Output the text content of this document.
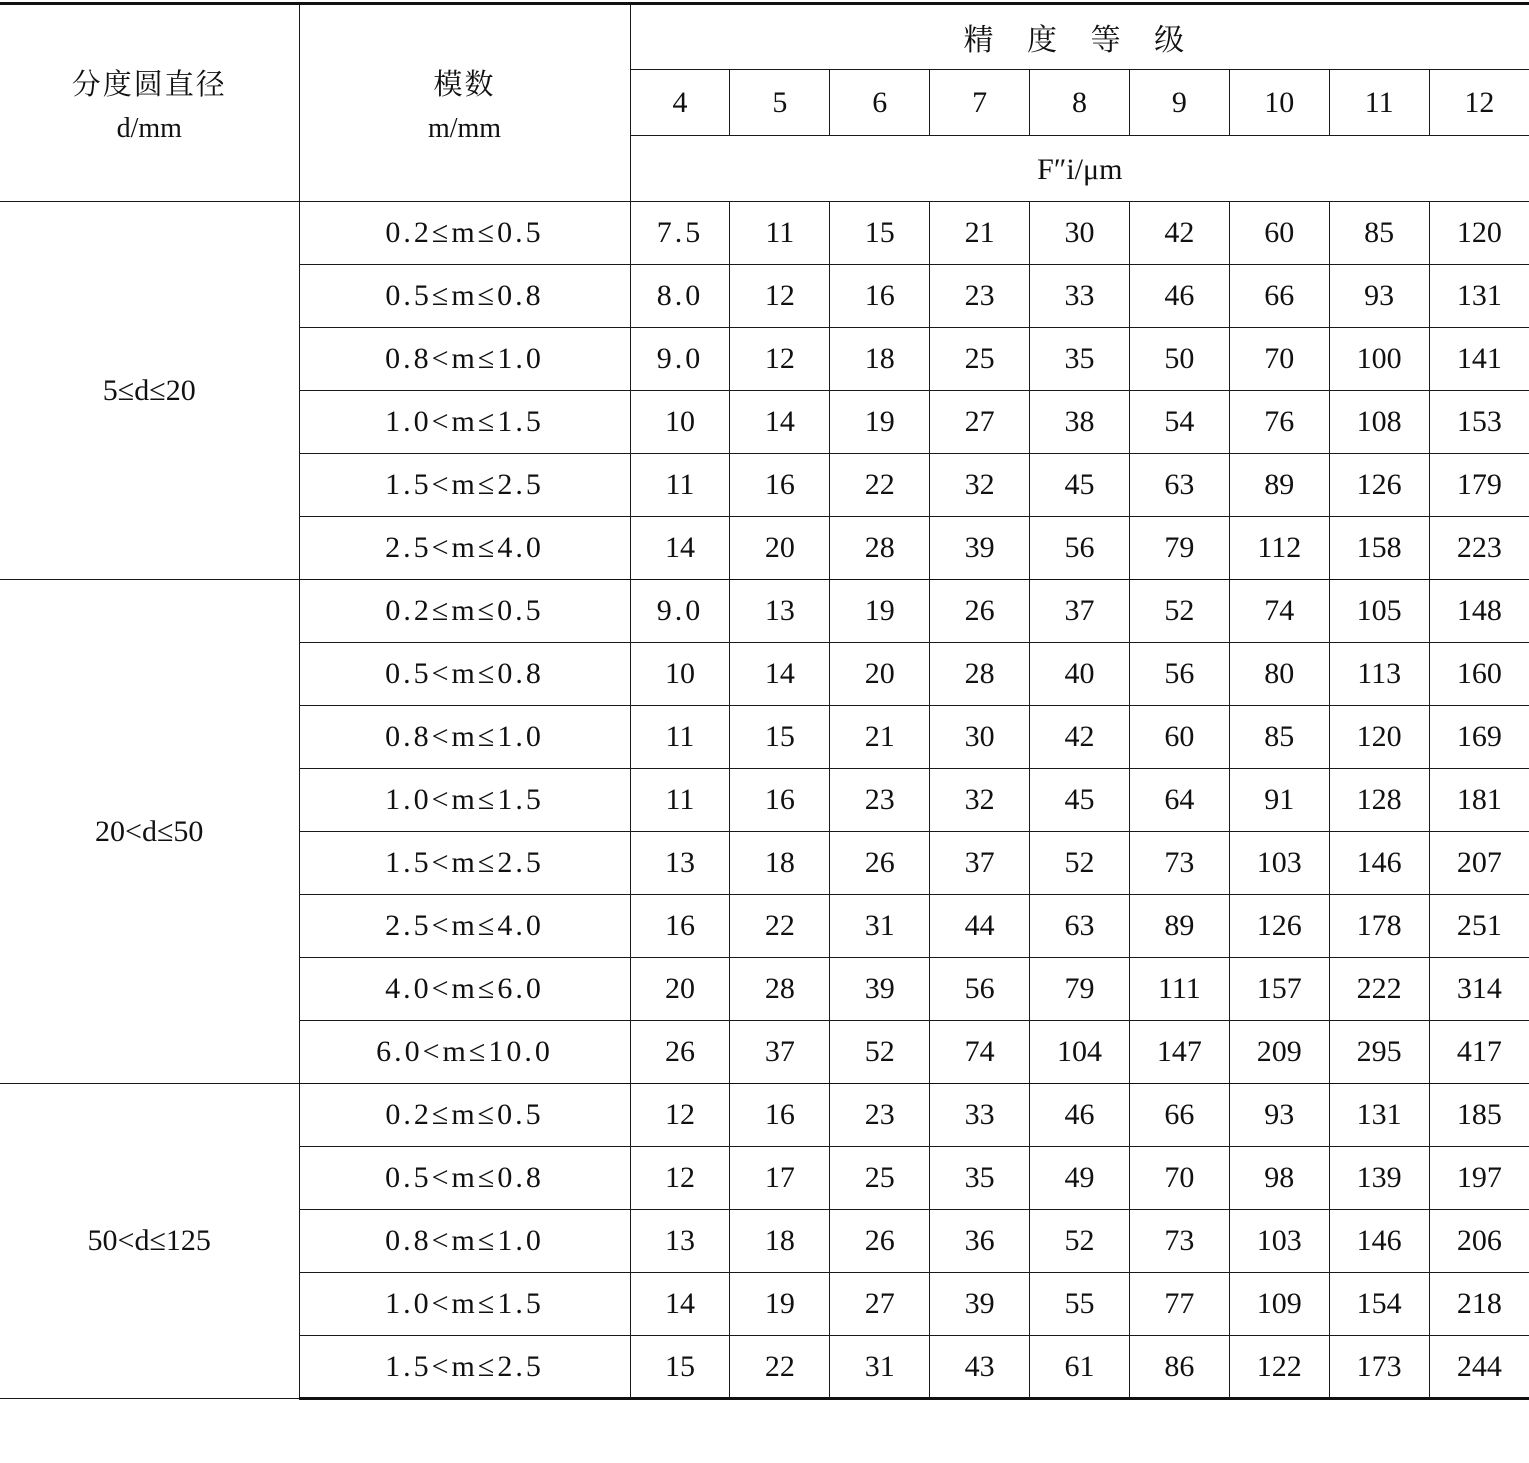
分度圆直径
d/mm	模数
m/mm	精 度 等 级								
		4	5	6	7	8	9	10	11	12
		F″i/μm								
5≤d≤20	0.2≤m≤0.5	7.5	11	15	21	30	42	60	85	120
	0.5≤m≤0.8	8.0	12	16	23	33	46	66	93	131
	0.8<m≤1.0	9.0	12	18	25	35	50	70	100	141
	1.0<m≤1.5	10	14	19	27	38	54	76	108	153
	1.5<m≤2.5	11	16	22	32	45	63	89	126	179
	2.5<m≤4.0	14	20	28	39	56	79	112	158	223
20<d≤50	0.2≤m≤0.5	9.0	13	19	26	37	52	74	105	148
	0.5<m≤0.8	10	14	20	28	40	56	80	113	160
	0.8<m≤1.0	11	15	21	30	42	60	85	120	169
	1.0<m≤1.5	11	16	23	32	45	64	91	128	181
	1.5<m≤2.5	13	18	26	37	52	73	103	146	207
	2.5<m≤4.0	16	22	31	44	63	89	126	178	251
	4.0<m≤6.0	20	28	39	56	79	111	157	222	314
	6.0<m≤10.0	26	37	52	74	104	147	209	295	417
50<d≤125	0.2≤m≤0.5	12	16	23	33	46	66	93	131	185
	0.5<m≤0.8	12	17	25	35	49	70	98	139	197
	0.8<m≤1.0	13	18	26	36	52	73	103	146	206
	1.0<m≤1.5	14	19	27	39	55	77	109	154	218
	1.5<m≤2.5	15	22	31	43	61	86	122	173	244
